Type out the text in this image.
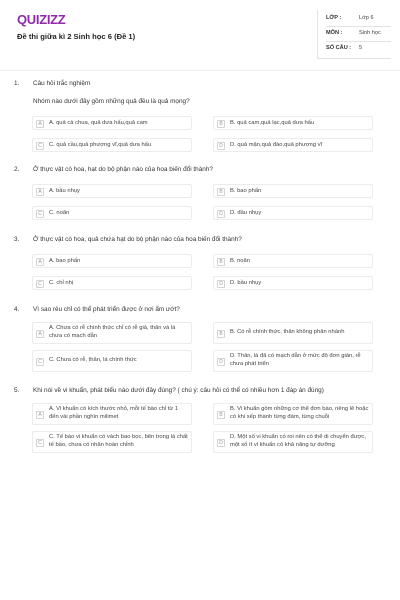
QUIZIZZ
Đề thi giữa kì 2 Sinh học 6 (Đề 1)
LỚP :	Lớp 6
MÔN :	Sinh học
SỐ CÂU : 5
1. Câu hỏi trắc nghiệm
Nhóm nào dưới đây gồm những quả đều là quả mọng?
A	A. quả cà chua, quả dưa hấu,quả cam	B	B. quả cam,quả lạc,quả dưa hấu
C	C. quả cầu,quả phượng vĩ,quả dưa hấu	D	D. quả mận,quả đào,quả phượng vĩ
2. Ở thực vật có hoa, hạt do bộ phận nào của hoa biến đổi thành?
A	A. bầu nhụy	B	B. bao phấn
C	C. noãn	D	D. đầu nhụy
3. Ở thực vật có hoa, quả chứa hạt do bộ phận nào của hoa biến đổi thành?
A	A. bao phấn	B	B. noãn
C	C. chỉ nhị	D	D. bầu nhụy
4. Vì sao rêu chỉ có thể phát triển được ở nơi ẩm ướt?
A
A. Chưa có rễ chính thức chỉ có rễ giả, thân và lá chưa có mạch dẫn	B	B. Có rễ chính thức, thân không phân nhánh
C	C. Chưa có rễ, thân, lá chính thức	D
D. Thân, lá đã có mạch dẫn ở mức độ đơn giản, rễ chưa phát triển
5. Khi nói về vi khuẩn, phát biểu nào dưới đây đúng? ( chú ý: câu hỏi có thể có nhiều hơn 1 đáp án đúng)
A
A. Vi khuẩn có kích thước nhỏ, mỗi tế bào chỉ từ 1 đến vài phần nghìn milimet	B
B. Vi khuẩn gồm những cơ thể đơn bào, riêng lẻ hoặc có khi xếp thành từng đám, từng chuỗi
C
C. Tế bào vi khuẩn có vách bao bọc, bên trong là chất tế bào, chưa có nhân hoàn chỉnh	D
D. Một số vi khuẩn có roi nên có thể di chuyển được, một số ít vi khuẩn có khả năng tự dưỡng
